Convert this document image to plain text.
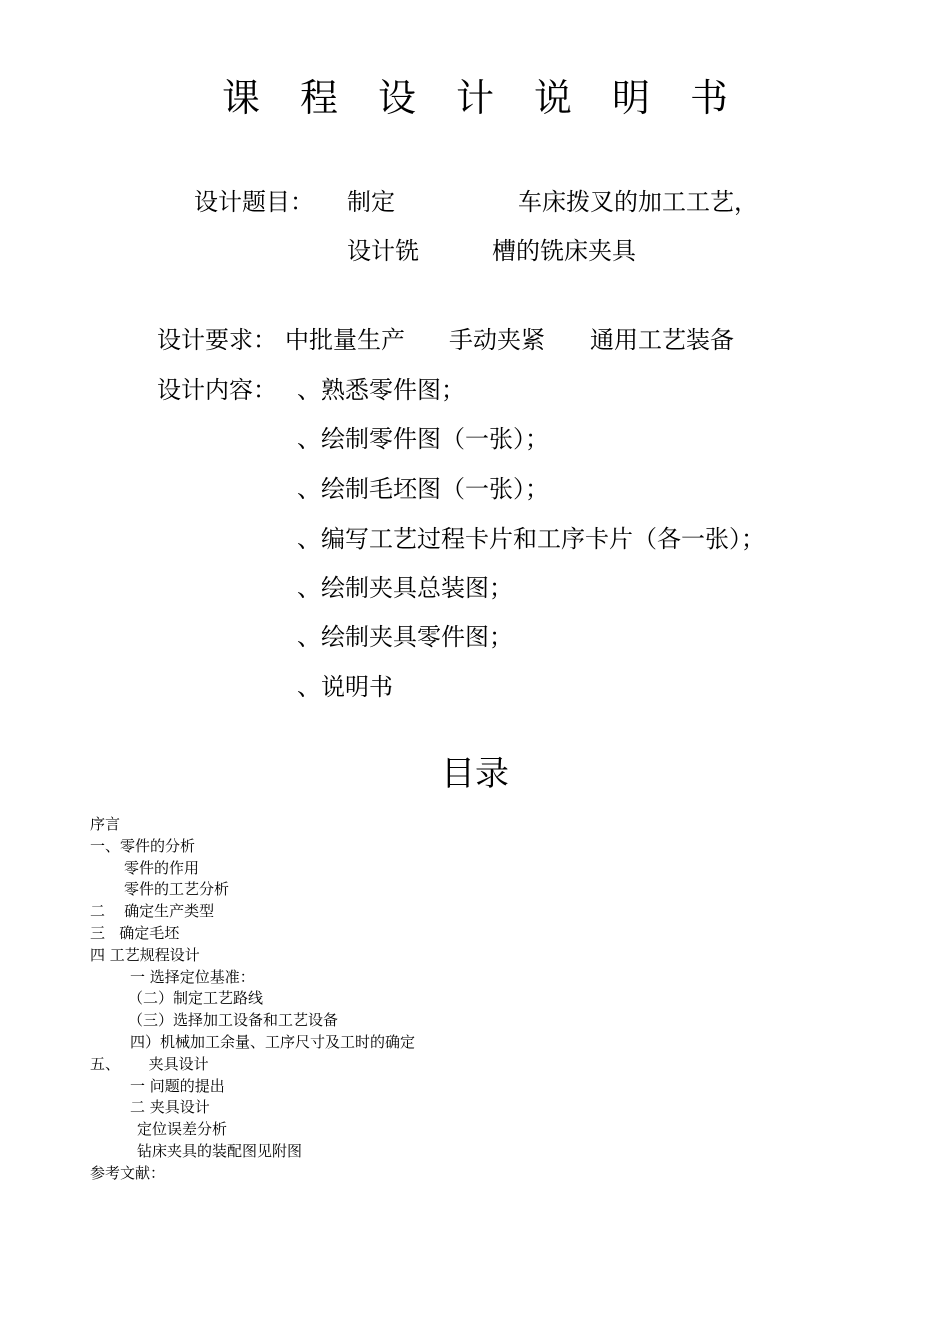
课程设计说明书
设计题目： 制定	车床拨叉的加工工艺，
设计铣	槽的铣床夹具
设计要求： 中批量生产 手动夹紧 通用工艺装备
设计内容： 、熟悉零件图；
、绘制零件图（一张）；
、绘制毛坯图（一张）；
、编写工艺过程卡片和工序卡片（各一张）；
、绘制夹具总装图；
、绘制夹具零件图；
、说明书
目录
序言
一、零件的分析
零件的作用
零件的工艺分析
二    确定生产类型
三   确定毛坯
四 工艺规程设计
一 选择定位基准：
（二）制定工艺路线
（三）选择加工设备和工艺设备
四）机械加工余量、工序尺寸及工时的确定
五、      夹具设计
一 问题的提出
二 夹具设计
定位误差分析
钻床夹具的装配图见附图
参考文献：
